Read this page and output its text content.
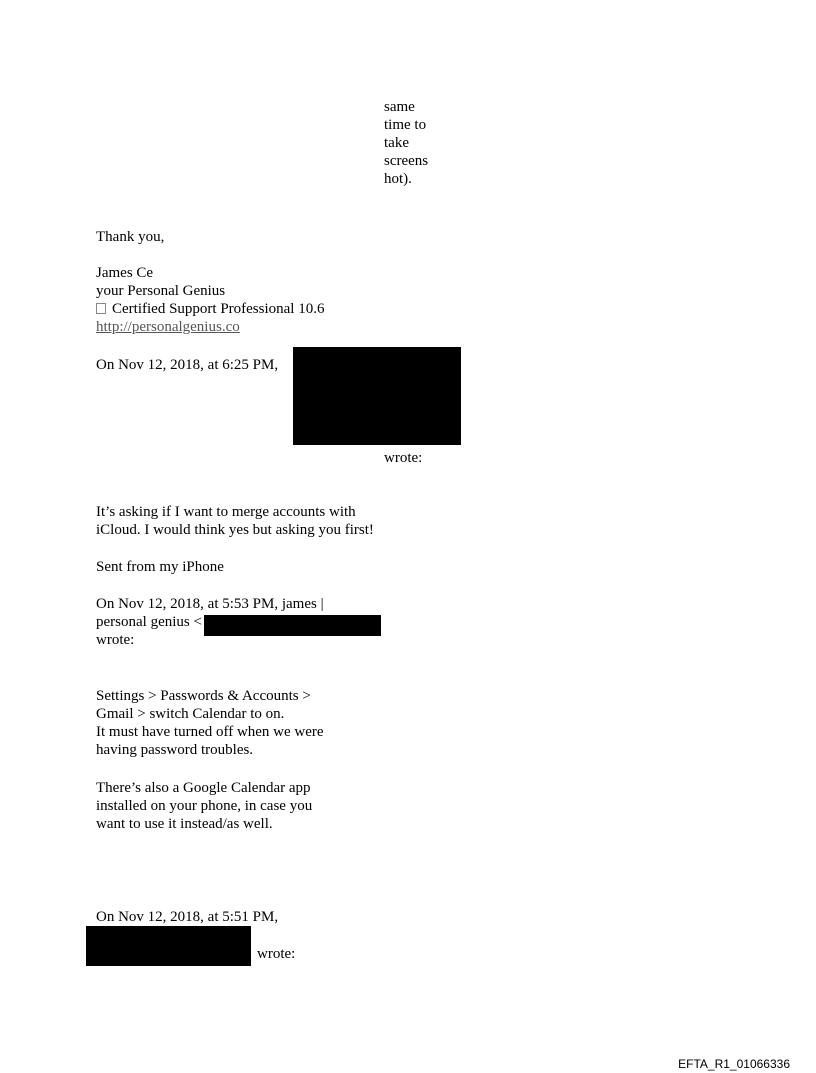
same
time to
take
screens
hot).
Thank you,
James Ce
your Personal Genius
Certified Support Professional 10.6
http://personalgenius.co
On Nov 12, 2018, at 6:25 PM,
wrote:
It’s asking if I want to merge accounts with
iCloud. I would think yes but asking you first!
Sent from my iPhone
On Nov 12, 2018, at 5:53 PM, james |
personal genius <
wrote:
Settings > Passwords & Accounts >
Gmail > switch Calendar to on.
It must have turned off when we were
having password troubles.
There’s also a Google Calendar app
installed on your phone, in case you
want to use it instead/as well.
On Nov 12, 2018, at 5:51 PM,
wrote:
EFTA_R1_01066336
